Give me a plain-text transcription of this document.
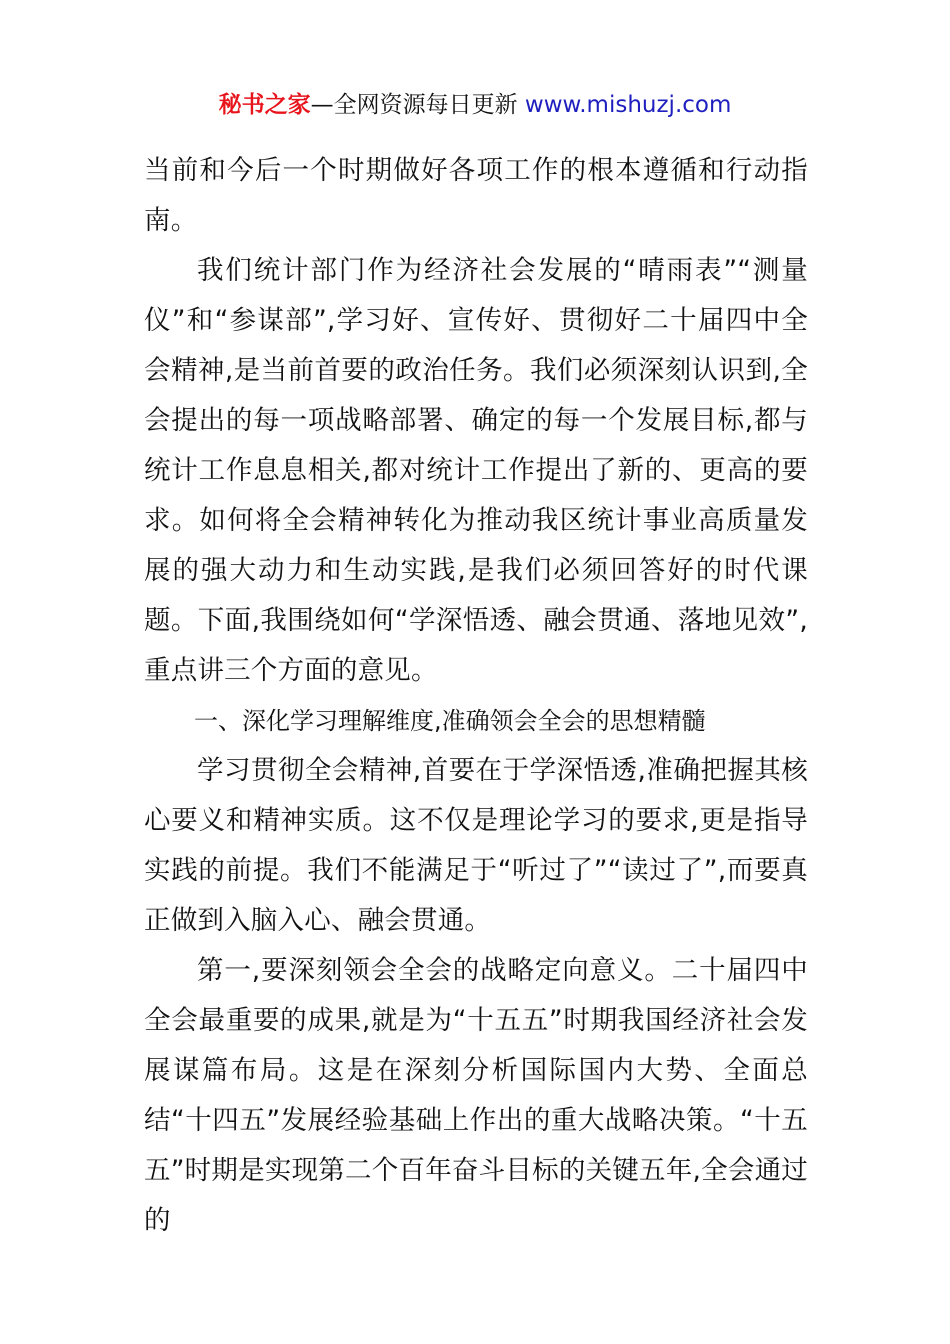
秘书之家—全网资源每日更新 www.mishuzj.com

当前和今后一个时期做好各项工作的根本遵循和行动指南。

我们统计部门作为经济社会发展的“晴雨表”“测量仪”和“参谋部”,学习好、宣传好、贯彻好二十届四中全会精神,是当前首要的政治任务。我们必须深刻认识到,全会提出的每一项战略部署、确定的每一个发展目标,都与统计工作息息相关,都对统计工作提出了新的、更高的要求。如何将全会精神转化为推动我区统计事业高质量发展的强大动力和生动实践,是我们必须回答好的时代课题。下面,我围绕如何“学深悟透、融会贯通、落地见效”,重点讲三个方面的意见。

一、深化学习理解维度,准确领会全会的思想精髓

学习贯彻全会精神,首要在于学深悟透,准确把握其核心要义和精神实质。这不仅是理论学习的要求,更是指导实践的前提。我们不能满足于“听过了”“读过了”,而要真正做到入脑入心、融会贯通。

第一,要深刻领会全会的战略定向意义。二十届四中全会最重要的成果,就是为“十五五”时期我国经济社会发展谋篇布局。这是在深刻分析国际国内大势、全面总结“十四五”发展经验基础上作出的重大战略决策。“十五五”时期是实现第二个百年奋斗目标的关键五年,全会通过的
